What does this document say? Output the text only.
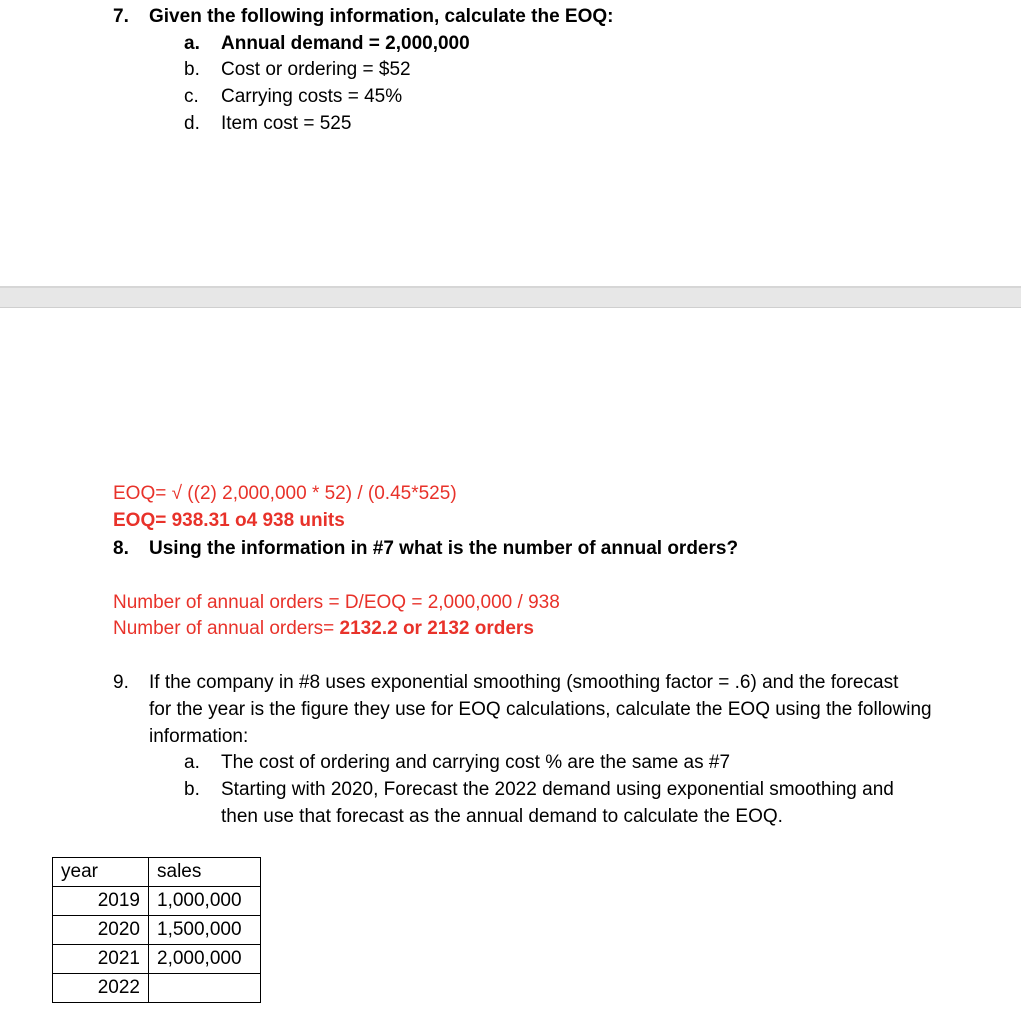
7. Given the following information, calculate the EOQ:
a. Annual demand = 2,000,000
b. Cost or ordering = $52
c. Carrying costs = 45%
d. Item cost = 525
EOQ= √ ((2) 2,000,000 * 52) / (0.45*525)
EOQ= 938.31 o4 938 units
8. Using the information in #7 what is the number of annual orders?
Number of annual orders = D/EOQ = 2,000,000 / 938
Number of annual orders= 2132.2 or 2132 orders
9. If the company in #8 uses exponential smoothing (smoothing factor = .6) and the forecast
for the year is the figure they use for EOQ calculations, calculate the EOQ using the following
information:
a. The cost of ordering and carrying cost % are the same as #7
b. Starting with 2020, Forecast the 2022 demand using exponential smoothing and
then use that forecast as the annual demand to calculate the EOQ.
year	sales
2019	1,000,000
2020	1,500,000
2021	2,000,000
2022	
